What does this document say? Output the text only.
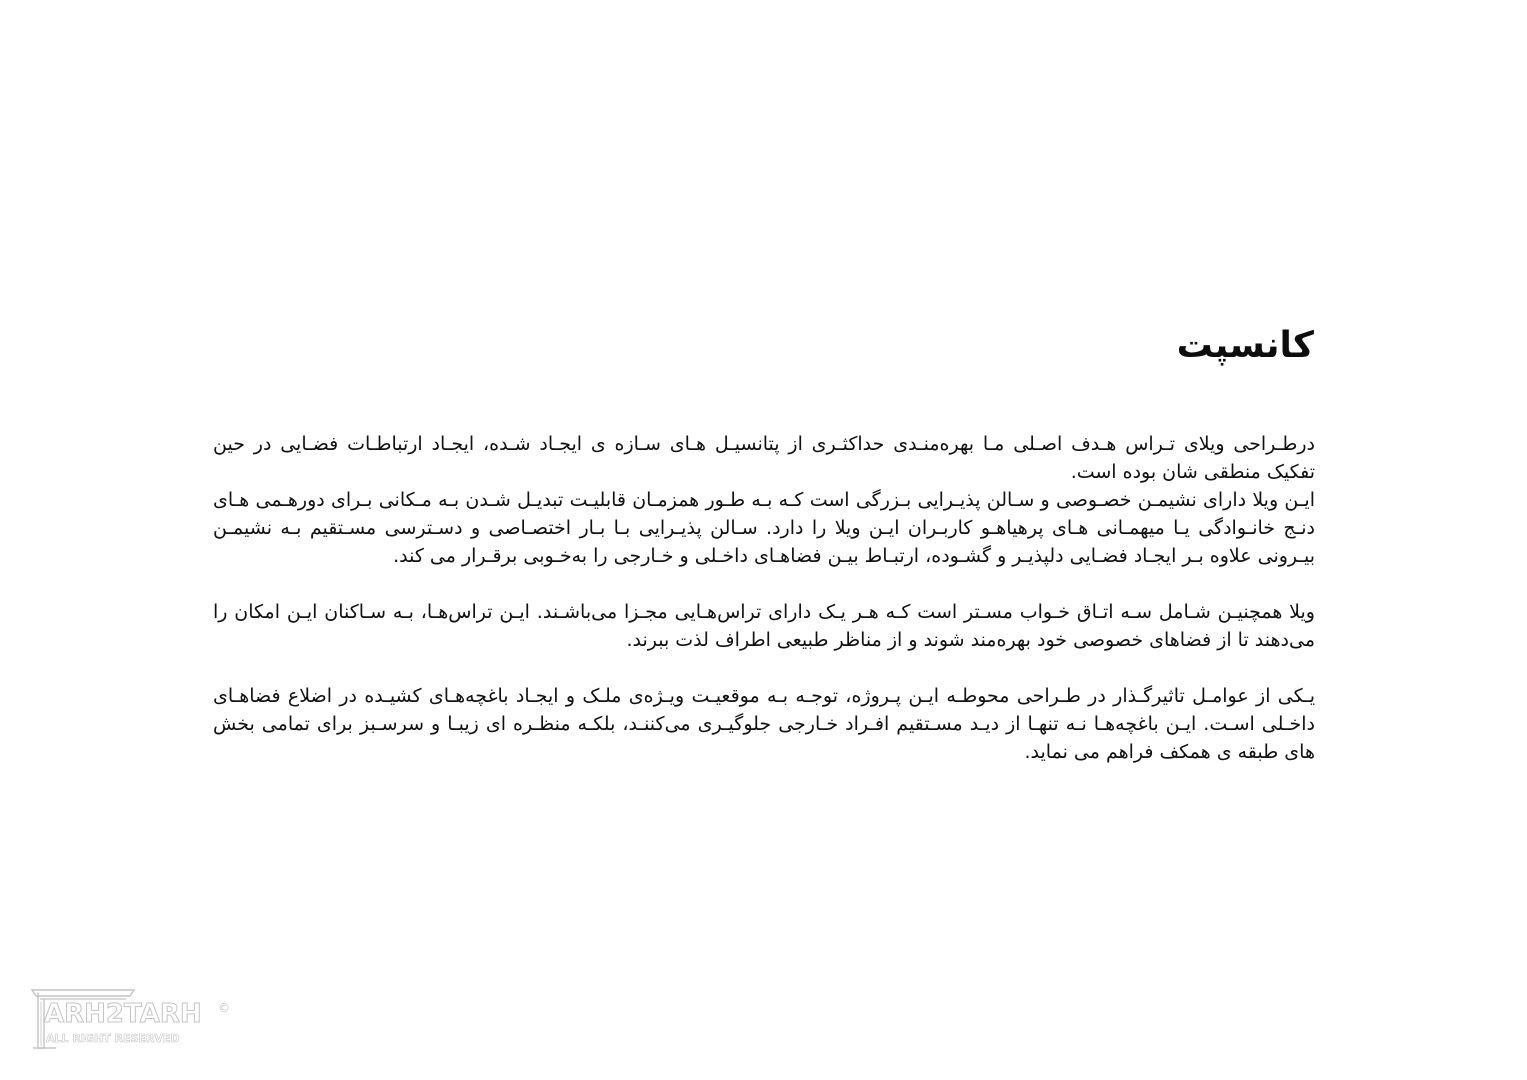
کانسپت

درطـراحی ویلای تـراس هـدف اصـلی مـا بهره‌منـدی حداکثـری از پتانسیـل هـای سـازه ی ایجـاد شـده، ایجـاد ارتباطـات فضـایی در حین تفکیک منطقی شان بوده است.

ایـن ویلا دارای نشیمـن خصـوصی و سـالن پذیـرایی بـزرگی است کـه بـه طـور همزمـان قابلیـت تبدیـل شـدن بـه مـکانی بـرای دورهـمی هـای دنـج خانـوادگی یـا میهمـانی هـای پرهیاهـو کاربـران ایـن ویلا را دارد. سـالن پذیـرایی بـا بـار اختصـاصی و دسـترسی مسـتقیم بـه نشیمـن بیـرونی علاوه بـر ایجـاد فضـایی دلپذیـر و گشـوده، ارتبـاط بیـن فضاهـای داخـلی و خـارجی را به‌خـوبی برقـرار می کند.

ویلا همچنیـن شـامل سـه اتـاق خـواب مسـتر است کـه هـر یـک دارای تراس‌هـایی مجـزا می‌باشـند. ایـن تراس‌هـا، بـه سـاکنان ایـن امکان را می‌دهند تا از فضاهای خصوصی خود بهره‌مند شوند و از مناظر طبیعی اطراف لذت ببرند.

یـکی از عوامـل تاثیرگـذار در طـراحی محوطـه ایـن پـروژه، توجـه بـه موقعیـت ویـژه‌ی ملـک و ایجـاد باغچه‌هـای کشیـده در اضلاع فضاهـای داخـلی اسـت. ایـن باغچه‌هـا نـه تنهـا از دیـد مسـتقیم افـراد خـارجی جلوگیـری می‌کننـد، بلکـه منظـره ای زیبـا و سرسـبز برای تمامی بخش های طبقه ی همکف فراهم می نماید.

ARH2TARH
ALL RIGHT RESERVED
©
